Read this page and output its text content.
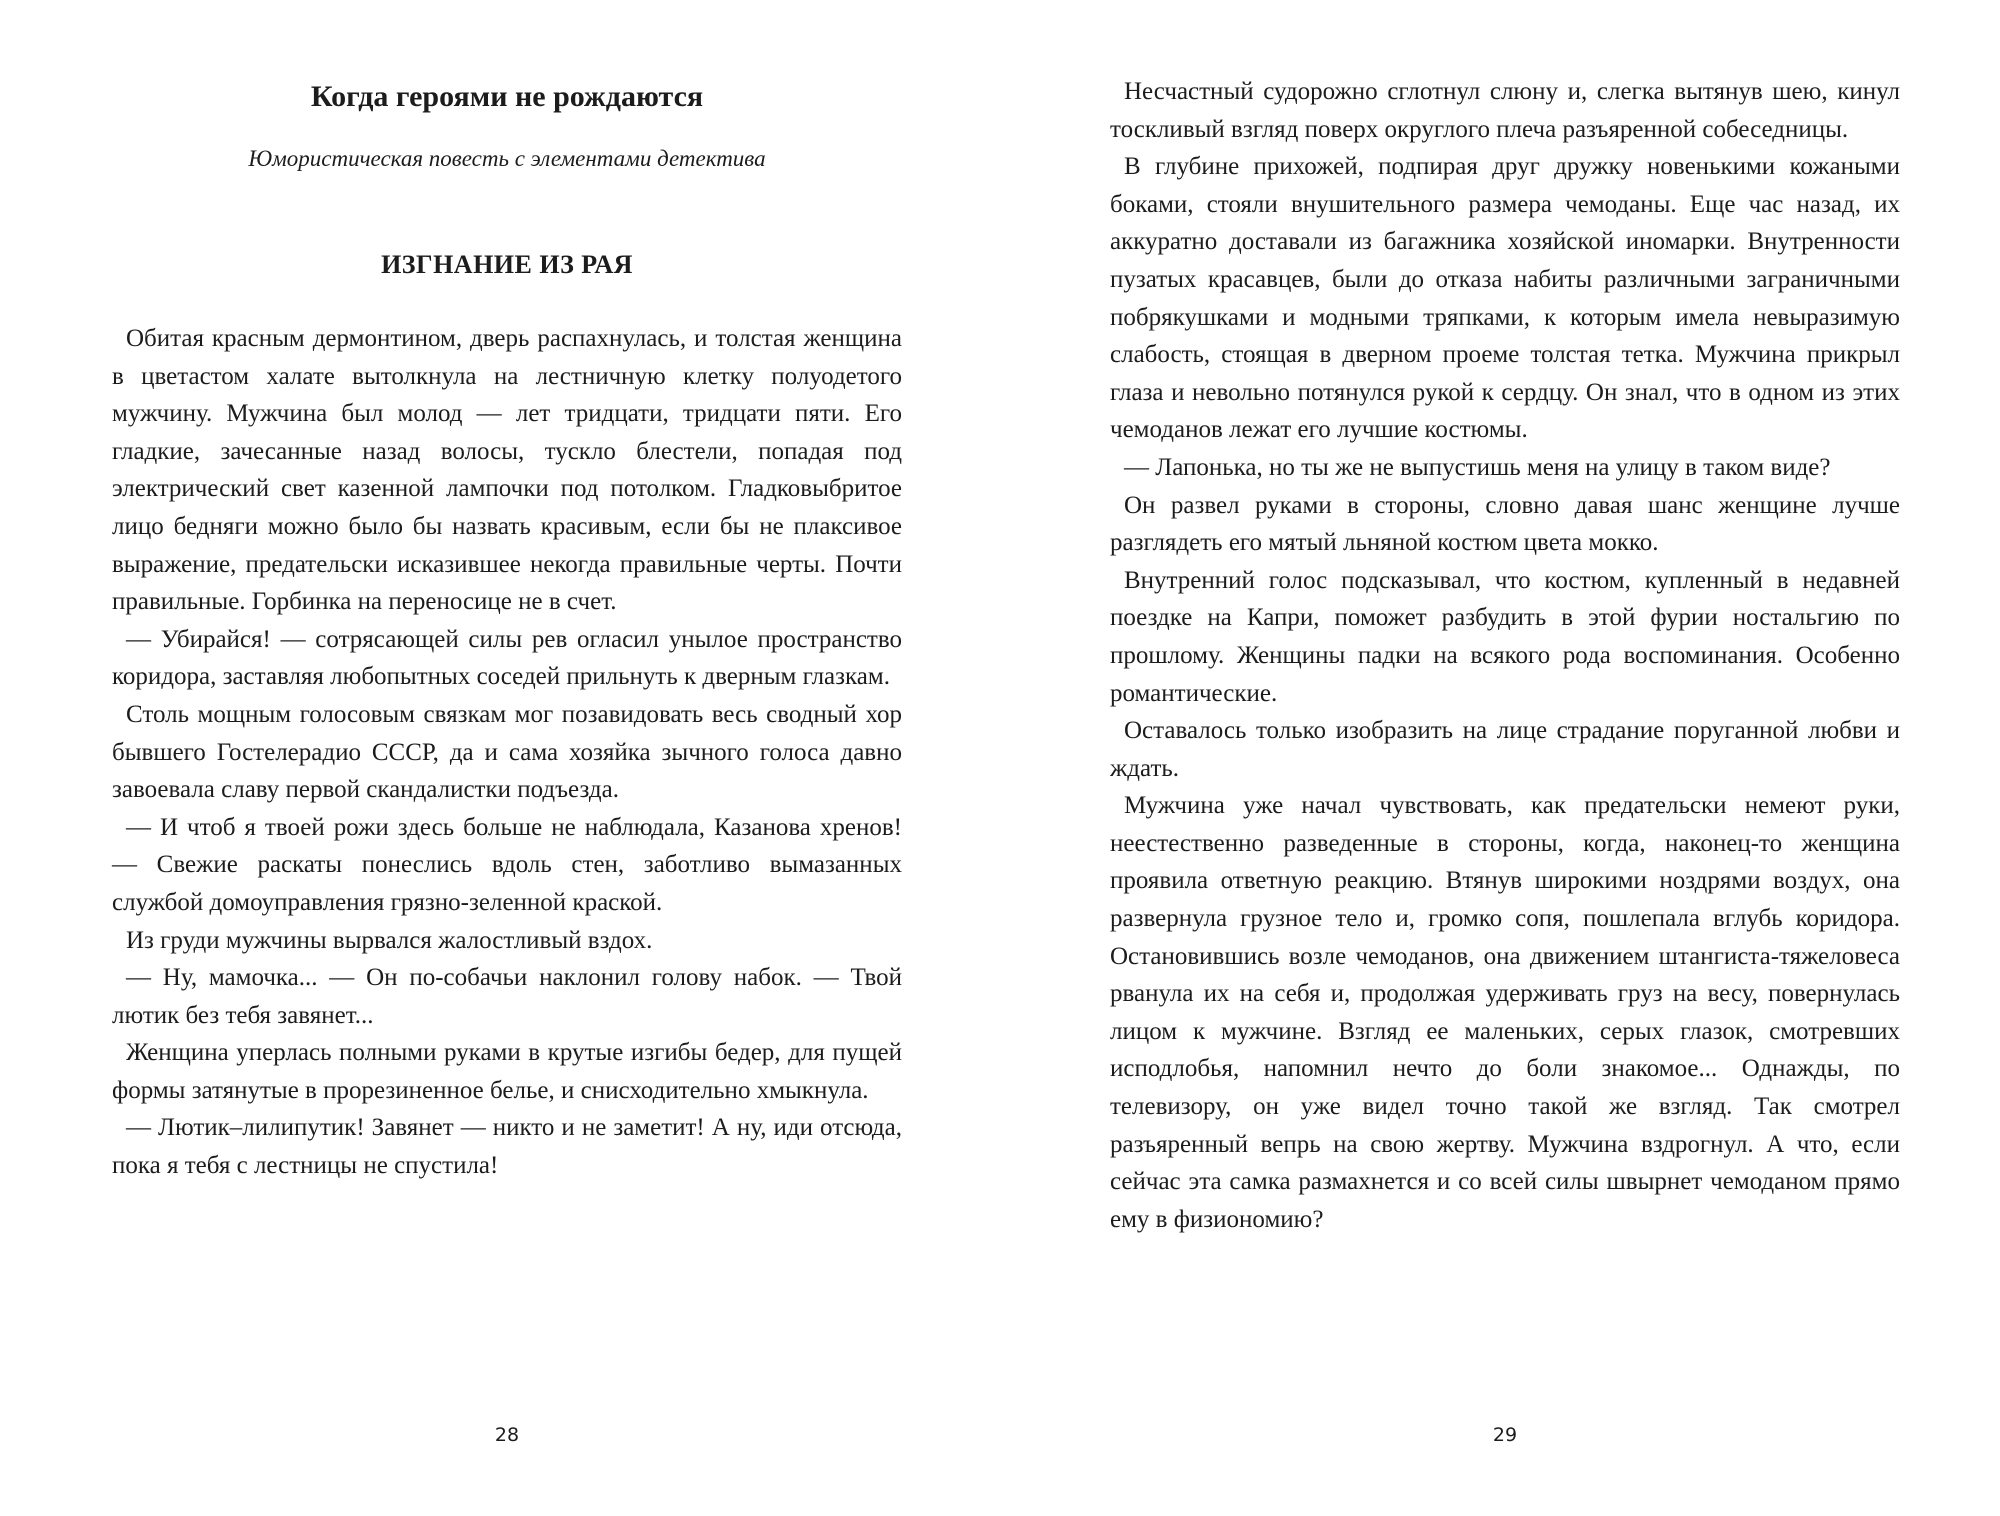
Когда героями не рождаются

Юмористическая повесть с элементами детектива

ИЗГНАНИЕ ИЗ РАЯ

Обитая красным дермонтином, дверь распахнулась, и толстая женщина в цветастом халате вытолкнула на лестничную клетку полуодетого мужчину. Мужчина был молод — лет тридцати, тридцати пяти. Его гладкие, зачесанные назад волосы, тускло блестели, попадая под электрический свет казенной лампочки под потолком. Гладковыбритое лицо бедняги можно было бы назвать красивым, если бы не плаксивое выражение, предательски исказившее некогда правильные черты. Почти правильные. Горбинка на переносице не в счет.

— Убирайся! — сотрясающей силы рев огласил унылое пространство коридора, заставляя любопытных соседей прильнуть к дверным глазкам.

Столь мощным голосовым связкам мог позавидовать весь сводный хор бывшего Гостелерадио СССР, да и сама хозяйка зычного голоса давно завоевала славу первой скандалистки подъезда.

— И чтоб я твоей рожи здесь больше не наблюдала, Казанова хренов! — Свежие раскаты понеслись вдоль стен, заботливо вымазанных службой домоуправления грязно-зеленной краской.

Из груди мужчины вырвался жалостливый вздох.

— Ну, мамочка... — Он по-собачьи наклонил голову набок. — Твой лютик без тебя завянет...

Женщина уперлась полными руками в крутые изгибы бедер, для пущей формы затянутые в прорезиненное белье, и снисходительно хмыкнула.

— Лютик–лилипутик! Завянет — никто и не заметит! А ну, иди отсюда, пока я тебя с лестницы не спустила!

28

Несчастный судорожно сглотнул слюну и, слегка вытянув шею, кинул тоскливый взгляд поверх округлого плеча разъяренной собеседницы.

В глубине прихожей, подпирая друг дружку новенькими кожаными боками, стояли внушительного размера чемоданы. Еще час назад, их аккуратно доставали из багажника хозяйской иномарки. Внутренности пузатых красавцев, были до отказа набиты различными заграничными побрякушками и модными тряпками, к которым имела невыразимую слабость, стоящая в дверном проеме толстая тетка. Мужчина прикрыл глаза и невольно потянулся рукой к сердцу. Он знал, что в одном из этих чемоданов лежат его лучшие костюмы.

— Лапонька, но ты же не выпустишь меня на улицу в таком виде?

Он развел руками в стороны, словно давая шанс женщине лучше разглядеть его мятый льняной костюм цвета мокко.

Внутренний голос подсказывал, что костюм, купленный в недавней поездке на Капри, поможет разбудить в этой фурии ностальгию по прошлому. Женщины падки на всякого рода воспоминания. Особенно романтические.

Оставалось только изобразить на лице страдание поруганной любви и ждать.

Мужчина уже начал чувствовать, как предательски немеют руки, неестественно разведенные в стороны, когда, наконец-то женщина проявила ответную реакцию. Втянув широкими ноздрями воздух, она развернула грузное тело и, громко сопя, пошлепала вглубь коридора. Остановившись возле чемоданов, она движением штангиста-тяжеловеса рванула их на себя и, продолжая удерживать груз на весу, повернулась лицом к мужчине. Взгляд ее маленьких, серых глазок, смотревших исподлобья, напомнил нечто до боли знакомое... Однажды, по телевизору, он уже видел точно такой же взгляд. Так смотрел разъяренный вепрь на свою жертву. Мужчина вздрогнул. А что, если сейчас эта самка размахнется и со всей силы швырнет чемоданом прямо ему в физиономию?

29
